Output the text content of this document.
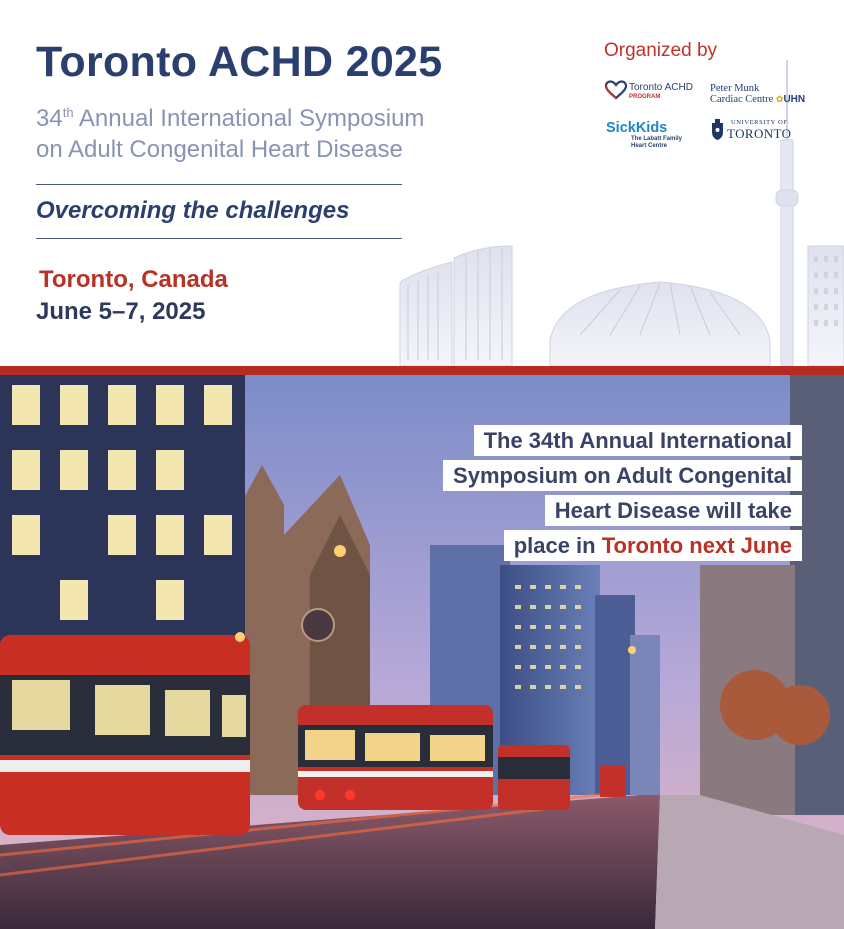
Toronto ACHD 2025
34th Annual International Symposium
on Adult Congenital Heart Disease
Overcoming the challenges
Toronto, Canada
June 5–7, 2025
Organized by
Toronto ACHD
PROGRAM
Peter Munk
Cardiac Centre ✿UHN
SickKids
The Labatt Family
Heart Centre
UNIVERSITY OF
TORONTO
The 34th Annual International
Symposium on Adult Congenital
Heart Disease will take
place in Toronto next June
